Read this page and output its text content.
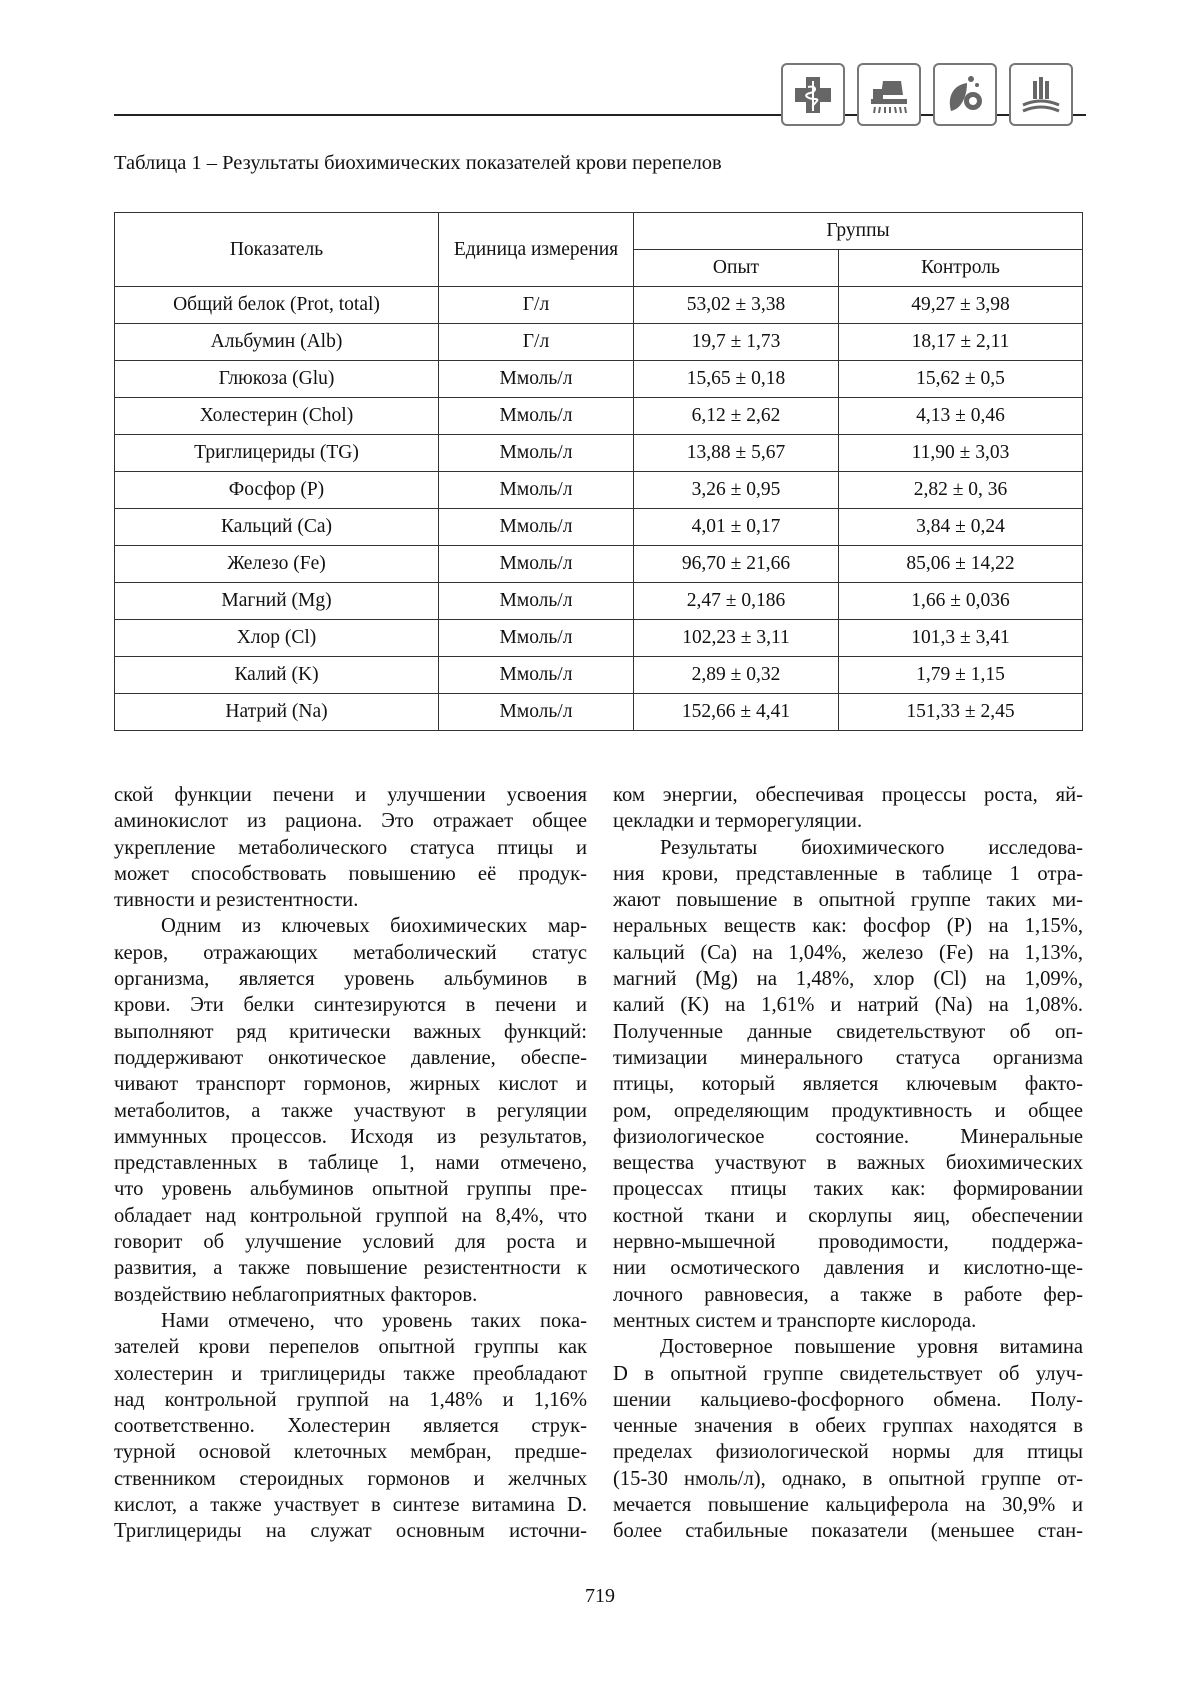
Таблица 1 – Результаты биохимических показателей крови перепелов
Показатель	Единица измерения	Группы	
		Опыт	Контроль
Общий белок (Prot, total)	Г/л	53,02 ± 3,38	49,27 ± 3,98
Альбумин (Alb)	Г/л	19,7 ± 1,73	18,17 ± 2,11
Глюкоза (Glu)	Ммоль/л	15,65 ± 0,18	15,62 ± 0,5
Холестерин (Chol)	Ммоль/л	6,12 ± 2,62	4,13 ± 0,46
Триглицериды (TG)	Ммоль/л	13,88 ± 5,67	11,90 ± 3,03
Фосфор (P)	Ммоль/л	3,26 ± 0,95	2,82 ± 0, 36
Кальций (Ca)	Ммоль/л	4,01 ± 0,17	3,84 ± 0,24
Железо (Fe)	Ммоль/л	96,70 ± 21,66	85,06 ± 14,22
Магний (Mg)	Ммоль/л	2,47 ± 0,186	1,66 ± 0,036
Хлор (Cl)	Ммоль/л	102,23 ± 3,11	101,3 ± 3,41
Калий (K)	Ммоль/л	2,89 ± 0,32	1,79 ± 1,15
Натрий (Na)	Ммоль/л	152,66 ± 4,41	151,33 ± 2,45
ской функции печени и улучшении усвоения
аминокислот из рациона. Это отражает общее
укрепление метаболического статуса птицы и
может способствовать повышению её продук-
тивности и резистентности.
Одним из ключевых биохимических мар-
керов, отражающих метаболический статус
организма, является уровень альбуминов в
крови. Эти белки синтезируются в печени и
выполняют ряд критически важных функций:
поддерживают онкотическое давление, обеспе-
чивают транспорт гормонов, жирных кислот и
метаболитов, а также участвуют в регуляции
иммунных процессов. Исходя из результатов,
представленных в таблице 1, нами отмечено,
что уровень альбуминов опытной группы пре-
обладает над контрольной группой на 8,4%, что
говорит об улучшение условий для роста и
развития, а также повышение резистентности к
воздействию неблагоприятных факторов.
Нами отмечено, что уровень таких пока-
зателей крови перепелов опытной группы как
холестерин и триглицериды также преобладают
над контрольной группой на 1,48% и 1,16%
соответственно. Холестерин является струк-
турной основой клеточных мембран, предше-
ственником стероидных гормонов и желчных
кислот, а также участвует в синтезе витамина D.
Триглицериды на служат основным источни-
ком энергии, обеспечивая процессы роста, яй-
цекладки и терморегуляции.
Результаты биохимического исследова-
ния крови, представленные в таблице 1 отра-
жают повышение в опытной группе таких ми-
неральных веществ как: фосфор (Р) на 1,15%,
кальций (Са) на 1,04%, железо (Fe) на 1,13%,
магний (Mg) на 1,48%, хлор (Cl) на 1,09%,
калий (K) на 1,61% и натрий (Na) на 1,08%.
Полученные данные свидетельствуют об оп-
тимизации минерального статуса организма
птицы, который является ключевым факто-
ром, определяющим продуктивность и общее
физиологическое состояние. Минеральные
вещества участвуют в важных биохимических
процессах птицы таких как: формировании
костной ткани и скорлупы яиц, обеспечении
нервно-мышечной проводимости, поддержа-
нии осмотического давления и кислотно-ще-
лочного равновесия, а также в работе фер-
ментных систем и транспорте кислорода.
Достоверное повышение уровня витамина
D в опытной группе свидетельствует об улуч-
шении кальциево-фосфорного обмена. Полу-
ченные значения в обеих группах находятся в
пределах физиологической нормы для птицы
(15-30 нмоль/л), однако, в опытной группе от-
мечается повышение кальциферола на 30,9% и
более стабильные показатели (меньшее стан-
719
